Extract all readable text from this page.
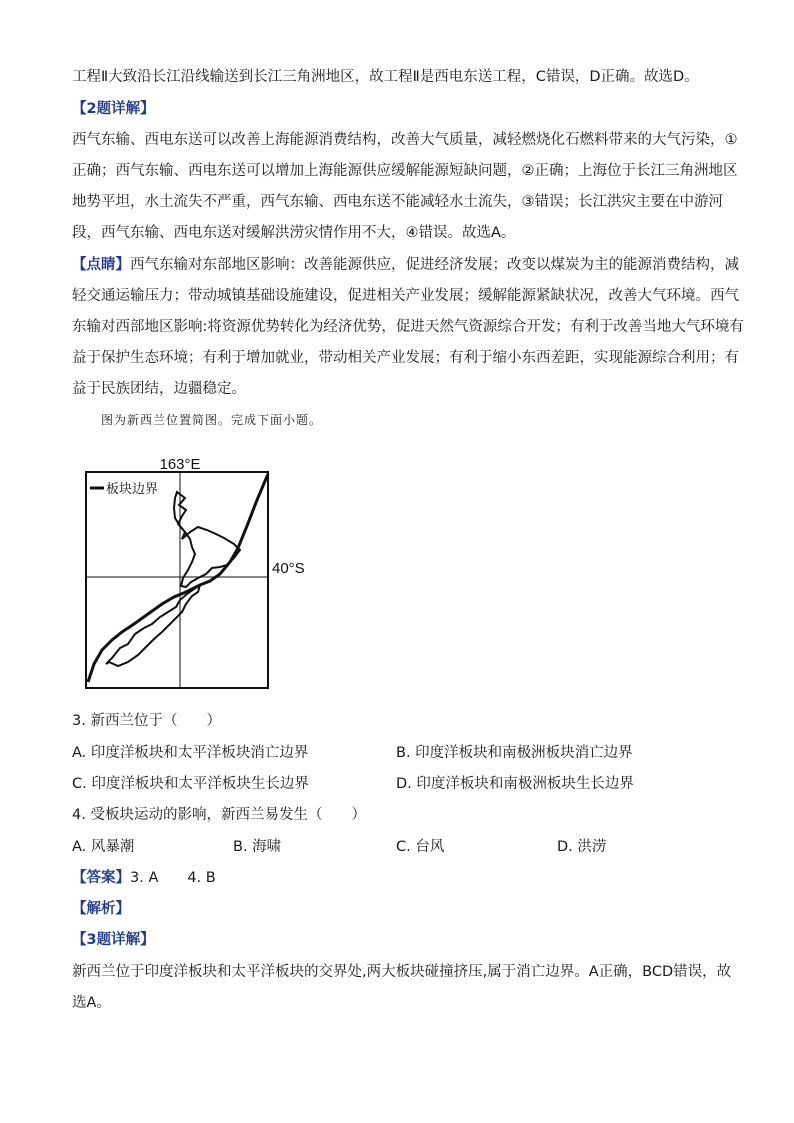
工程Ⅱ大致沿长江沿线输送到长江三角洲地区，故工程Ⅱ是西电东送工程，C错误，D正确。故选D。
【2题详解】
西气东输、西电东送可以改善上海能源消费结构，改善大气质量，减轻燃烧化石燃料带来的大气污染，①
正确；西气东输、西电东送可以增加上海能源供应缓解能源短缺问题，②正确；上海位于长江三角洲地区
地势平坦，水土流失不严重，西气东输、西电东送不能减轻水土流失，③错误；长江洪灾主要在中游河
段，西气东输、西电东送对缓解洪涝灾情作用不大，④错误。故选A。
【点睛】西气东输对东部地区影响：改善能源供应，促进经济发展；改变以煤炭为主的能源消费结构，减
轻交通运输压力；带动城镇基础设施建设，促进相关产业发展；缓解能源紧缺状况，改善大气环境。西气
东输对西部地区影响:将资源优势转化为经济优势，促进天然气资源综合开发；有利于改善当地大气环境有
益于保护生态环境；有利于增加就业，带动相关产业发展；有利于缩小东西差距，实现能源综合利用；有
益于民族团结，边疆稳定。
图为新西兰位置简图。完成下面小题。
163°E
40°S
板块边界
3. 新西兰位于（　　）
A. 印度洋板块和太平洋板块消亡边界	B. 印度洋板块和南极洲板块消亡边界
C. 印度洋板块和太平洋板块生长边界	D. 印度洋板块和南极洲板块生长边界
4. 受板块运动的影响，新西兰易发生（　　）
A. 风暴潮	B. 海啸	C. 台风	D. 洪涝
【答案】3. A　　4. B
【解析】
【3题详解】
新西兰位于印度洋板块和太平洋板块的交界处,两大板块碰撞挤压,属于消亡边界。A正确，BCD错误，故
选A。
